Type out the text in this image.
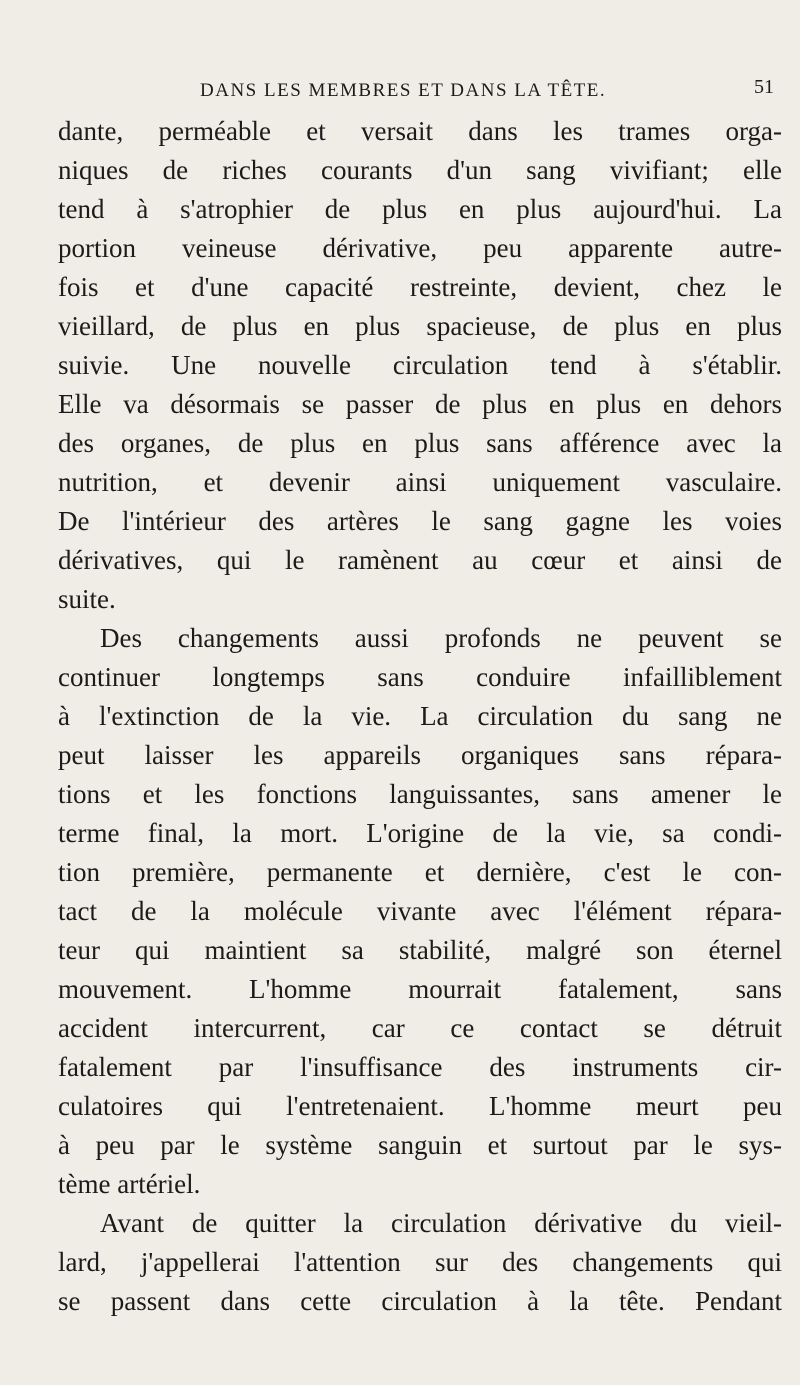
DANS LES MEMBRES ET DANS LA TÊTE.	51
dante, perméable et versait dans les trames orga-
niques de riches courants d'un sang vivifiant; elle
tend à s'atrophier de plus en plus aujourd'hui. La
portion veineuse dérivative, peu apparente autre-
fois et d'une capacité restreinte, devient, chez le
vieillard, de plus en plus spacieuse, de plus en plus
suivie. Une nouvelle circulation tend à s'établir.
Elle va désormais se passer de plus en plus en dehors
des organes, de plus en plus sans afférence avec la
nutrition, et devenir ainsi uniquement vasculaire.
De l'intérieur des artères le sang gagne les voies
dérivatives, qui le ramènent au cœur et ainsi de
suite.
Des changements aussi profonds ne peuvent se
continuer longtemps sans conduire infailliblement
à l'extinction de la vie. La circulation du sang ne
peut laisser les appareils organiques sans répara-
tions et les fonctions languissantes, sans amener le
terme final, la mort. L'origine de la vie, sa condi-
tion première, permanente et dernière, c'est le con-
tact de la molécule vivante avec l'élément répara-
teur qui maintient sa stabilité, malgré son éternel
mouvement. L'homme mourrait fatalement, sans
accident intercurrent, car ce contact se détruit
fatalement par l'insuffisance des instruments cir-
culatoires qui l'entretenaient. L'homme meurt peu
à peu par le système sanguin et surtout par le sys-
tème artériel.
Avant de quitter la circulation dérivative du vieil-
lard, j'appellerai l'attention sur des changements qui
se passent dans cette circulation à la tête. Pendant
